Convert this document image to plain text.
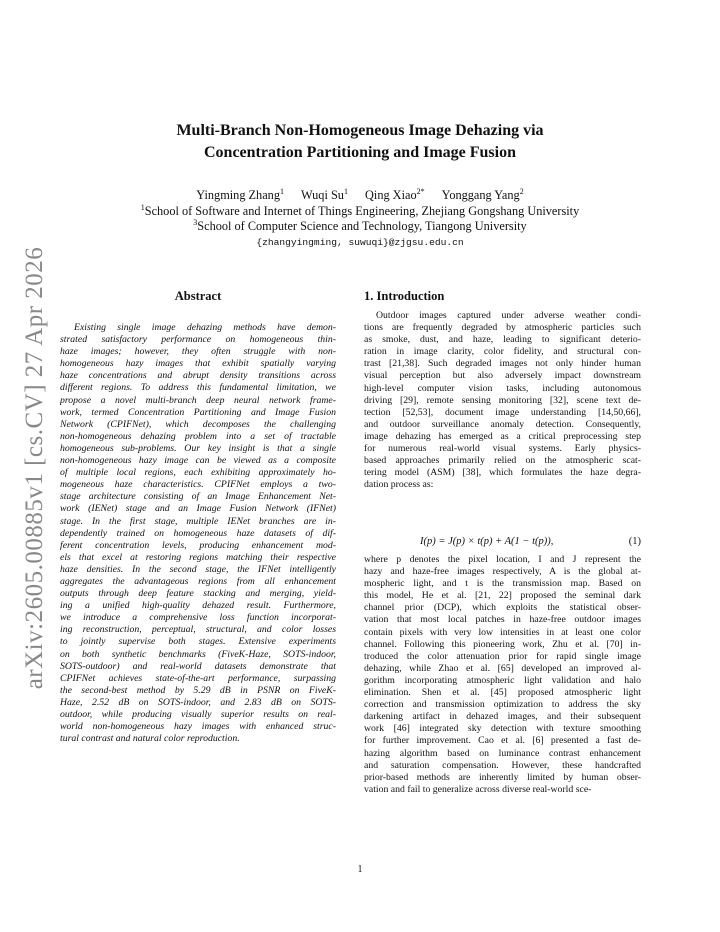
arXiv:2605.00885v1 [cs.CV] 27 Apr 2026
Multi-Branch Non-Homogeneous Image Dehazing via
Concentration Partitioning and Image Fusion
Yingming Zhang$^1$ Wuqi Su$^1$ Qing Xiao$^{2*}$ Yonggang Yang$^2$
$^1$School of Software and Internet of Things Engineering, Zhejiang Gongshang University
$^3$School of Computer Science and Technology, Tiangong University
{zhangyingming, suwuqi}@zjgsu.edu.cn
Abstract	1. Introduction
Existing single image dehazing methods have demon-
strated satisfactory performance on homogeneous thin-
haze images; however, they often struggle with non-
homogeneous hazy images that exhibit spatially varying
haze concentrations and abrupt density transitions across
different regions. To address this fundamental limitation, we
propose a novel multi-branch deep neural network frame-
work, termed Concentration Partitioning and Image Fusion
Network (CPIFNet), which decomposes the challenging
non-homogeneous dehazing problem into a set of tractable
homogeneous sub-problems. Our key insight is that a single
non-homogeneous hazy image can be viewed as a composite
of multiple local regions, each exhibiting approximately ho-
mogeneous haze characteristics. CPIFNet employs a two-
stage architecture consisting of an Image Enhancement Net-
work (IENet) stage and an Image Fusion Network (IFNet)
stage. In the first stage, multiple IENet branches are in-
dependently trained on homogeneous haze datasets of dif-
ferent concentration levels, producing enhancement mod-
els that excel at restoring regions matching their respective
haze densities. In the second stage, the IFNet intelligently
aggregates the advantageous regions from all enhancement
outputs through deep feature stacking and merging, yield-
ing a unified high-quality dehazed result. Furthermore,
we introduce a comprehensive loss function incorporat-
ing reconstruction, perceptual, structural, and color losses
to jointly supervise both stages. Extensive experiments
on both synthetic benchmarks (FiveK-Haze, SOTS-indoor,
SOTS-outdoor) and real-world datasets demonstrate that
CPIFNet achieves state-of-the-art performance, surpassing
the second-best method by 5.29 dB in PSNR on FiveK-
Haze, 2.52 dB on SOTS-indoor, and 2.83 dB on SOTS-
outdoor, while producing visually superior results on real-
world non-homogeneous hazy images with enhanced struc-
tural contrast and natural color reproduction.
Outdoor images captured under adverse weather condi-
tions are frequently degraded by atmospheric particles such
as smoke, dust, and haze, leading to significant deterio-
ration in image clarity, color fidelity, and structural con-
trast [21,38]. Such degraded images not only hinder human
visual perception but also adversely impact downstream
high-level computer vision tasks, including autonomous
driving [29], remote sensing monitoring [32], scene text de-
tection [52,53], document image understanding [14,50,66],
and outdoor surveillance anomaly detection. Consequently,
image dehazing has emerged as a critical preprocessing step
for numerous real-world visual systems. Early physics-
based approaches primarily relied on the atmospheric scat-
tering model (ASM) [38], which formulates the haze degra-
dation process as:
I(p) = J(p) × t(p) + A(1 − t(p)),	(1)
where p denotes the pixel location, I and J represent the
hazy and haze-free images respectively, A is the global at-
mospheric light, and t is the transmission map. Based on
this model, He et al. [21, 22] proposed the seminal dark
channel prior (DCP), which exploits the statistical obser-
vation that most local patches in haze-free outdoor images
contain pixels with very low intensities in at least one color
channel. Following this pioneering work, Zhu et al. [70] in-
troduced the color attenuation prior for rapid single image
dehazing, while Zhao et al. [65] developed an improved al-
gorithm incorporating atmospheric light validation and halo
elimination. Shen et al. [45] proposed atmospheric light
correction and transmission optimization to address the sky
darkening artifact in dehazed images, and their subsequent
work [46] integrated sky detection with texture smoothing
for further improvement. Cao et al. [6] presented a fast de-
hazing algorithm based on luminance contrast enhancement
and saturation compensation. However, these handcrafted
prior-based methods are inherently limited by human obser-
vation and fail to generalize across diverse real-world sce-
1
